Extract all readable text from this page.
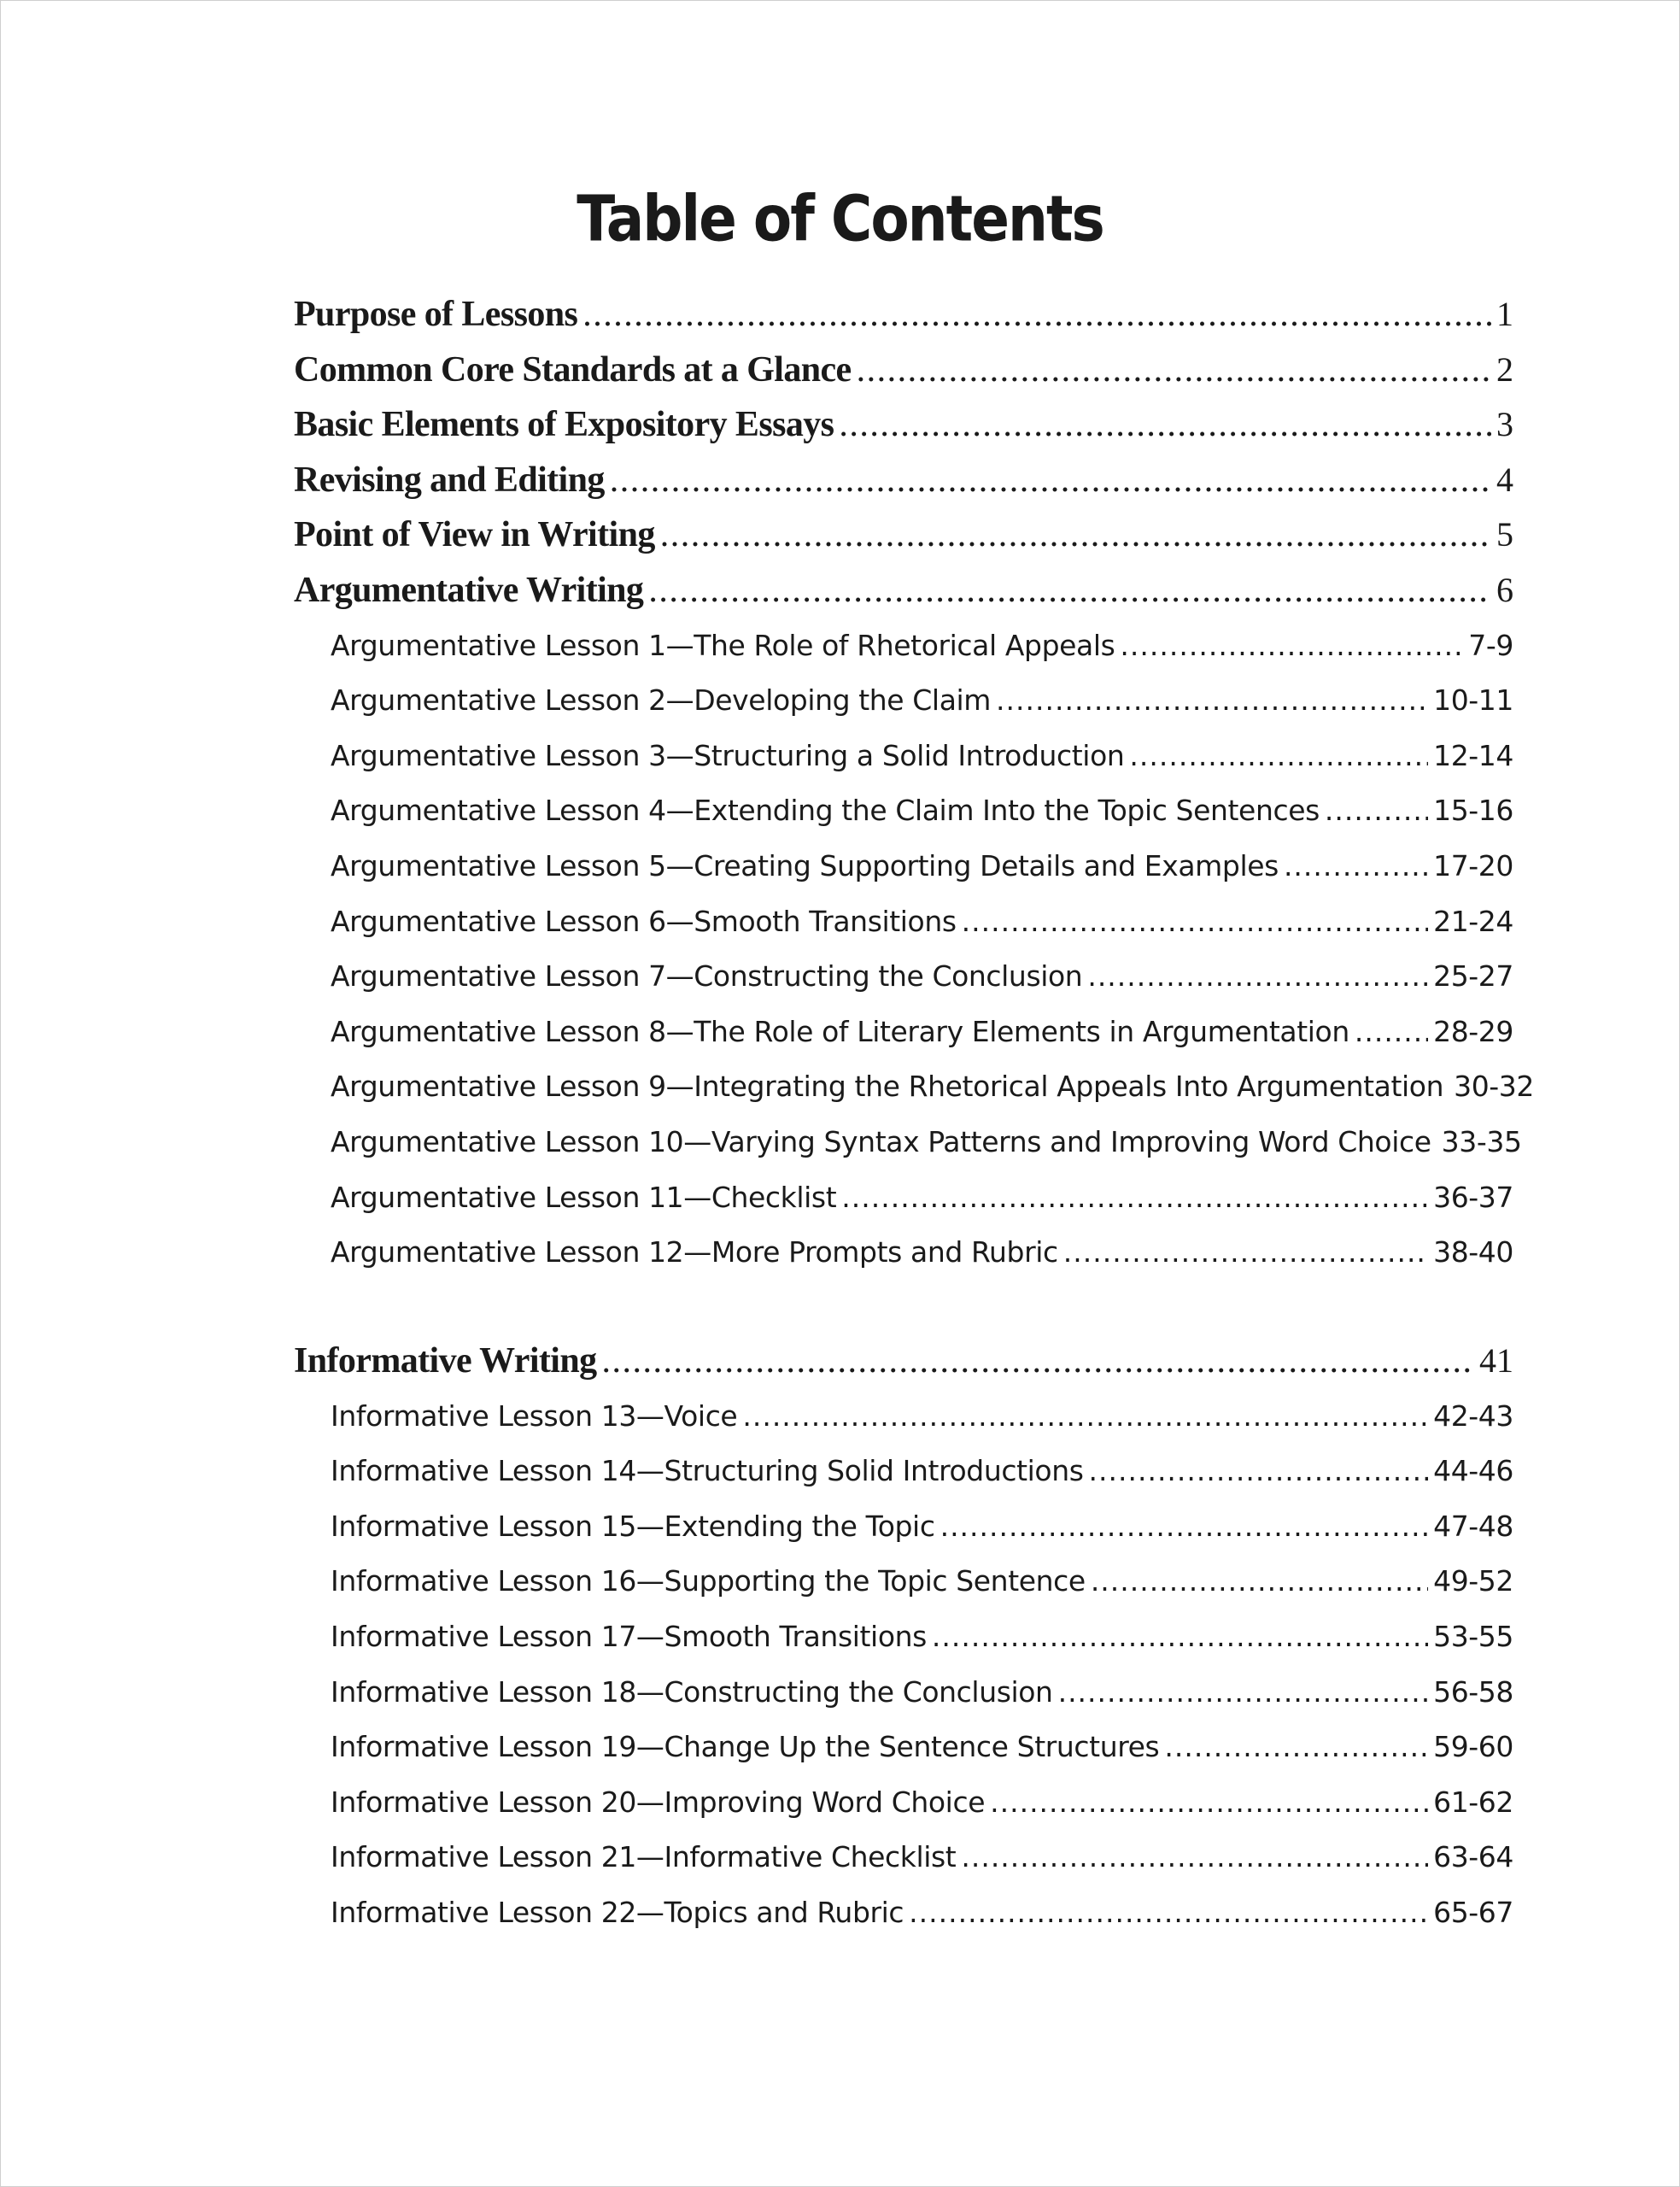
Table of Contents
Purpose of Lessons .....	1
Common Core Standards at a Glance .....	2
Basic Elements of Expository Essays .....	3
Revising and Editing .....	4
Point of View in Writing .....	5
Argumentative Writing .....	6
Argumentative Lesson 1—The Role of Rhetorical Appeals .....	7-9
Argumentative Lesson 2—Developing the Claim .....	10-11
Argumentative Lesson 3—Structuring a Solid Introduction .....	12-14
Argumentative Lesson 4—Extending the Claim Into the Topic Sentences .....	15-16
Argumentative Lesson 5—Creating Supporting Details and Examples .....	17-20
Argumentative Lesson 6—Smooth Transitions .....	21-24
Argumentative Lesson 7—Constructing the Conclusion .....	25-27
Argumentative Lesson 8—The Role of Literary Elements in Argumentation .....	28-29
Argumentative Lesson 9—Integrating the Rhetorical Appeals Into Argumentation 30-32
Argumentative Lesson 10—Varying Syntax Patterns and Improving Word Choice 33-35
Argumentative Lesson 11—Checklist .....	36-37
Argumentative Lesson 12—More Prompts and Rubric .....	38-40
Informative Writing .....	41
Informative Lesson 13—Voice .....	42-43
Informative Lesson 14—Structuring Solid Introductions .....	44-46
Informative Lesson 15—Extending the Topic .....	47-48
Informative Lesson 16—Supporting the Topic Sentence .....	49-52
Informative Lesson 17—Smooth Transitions .....	53-55
Informative Lesson 18—Constructing the Conclusion .....	56-58
Informative Lesson 19—Change Up the Sentence Structures .....	59-60
Informative Lesson 20—Improving Word Choice .....	61-62
Informative Lesson 21—Informative Checklist .....	63-64
Informative Lesson 22—Topics and Rubric .....	65-67
